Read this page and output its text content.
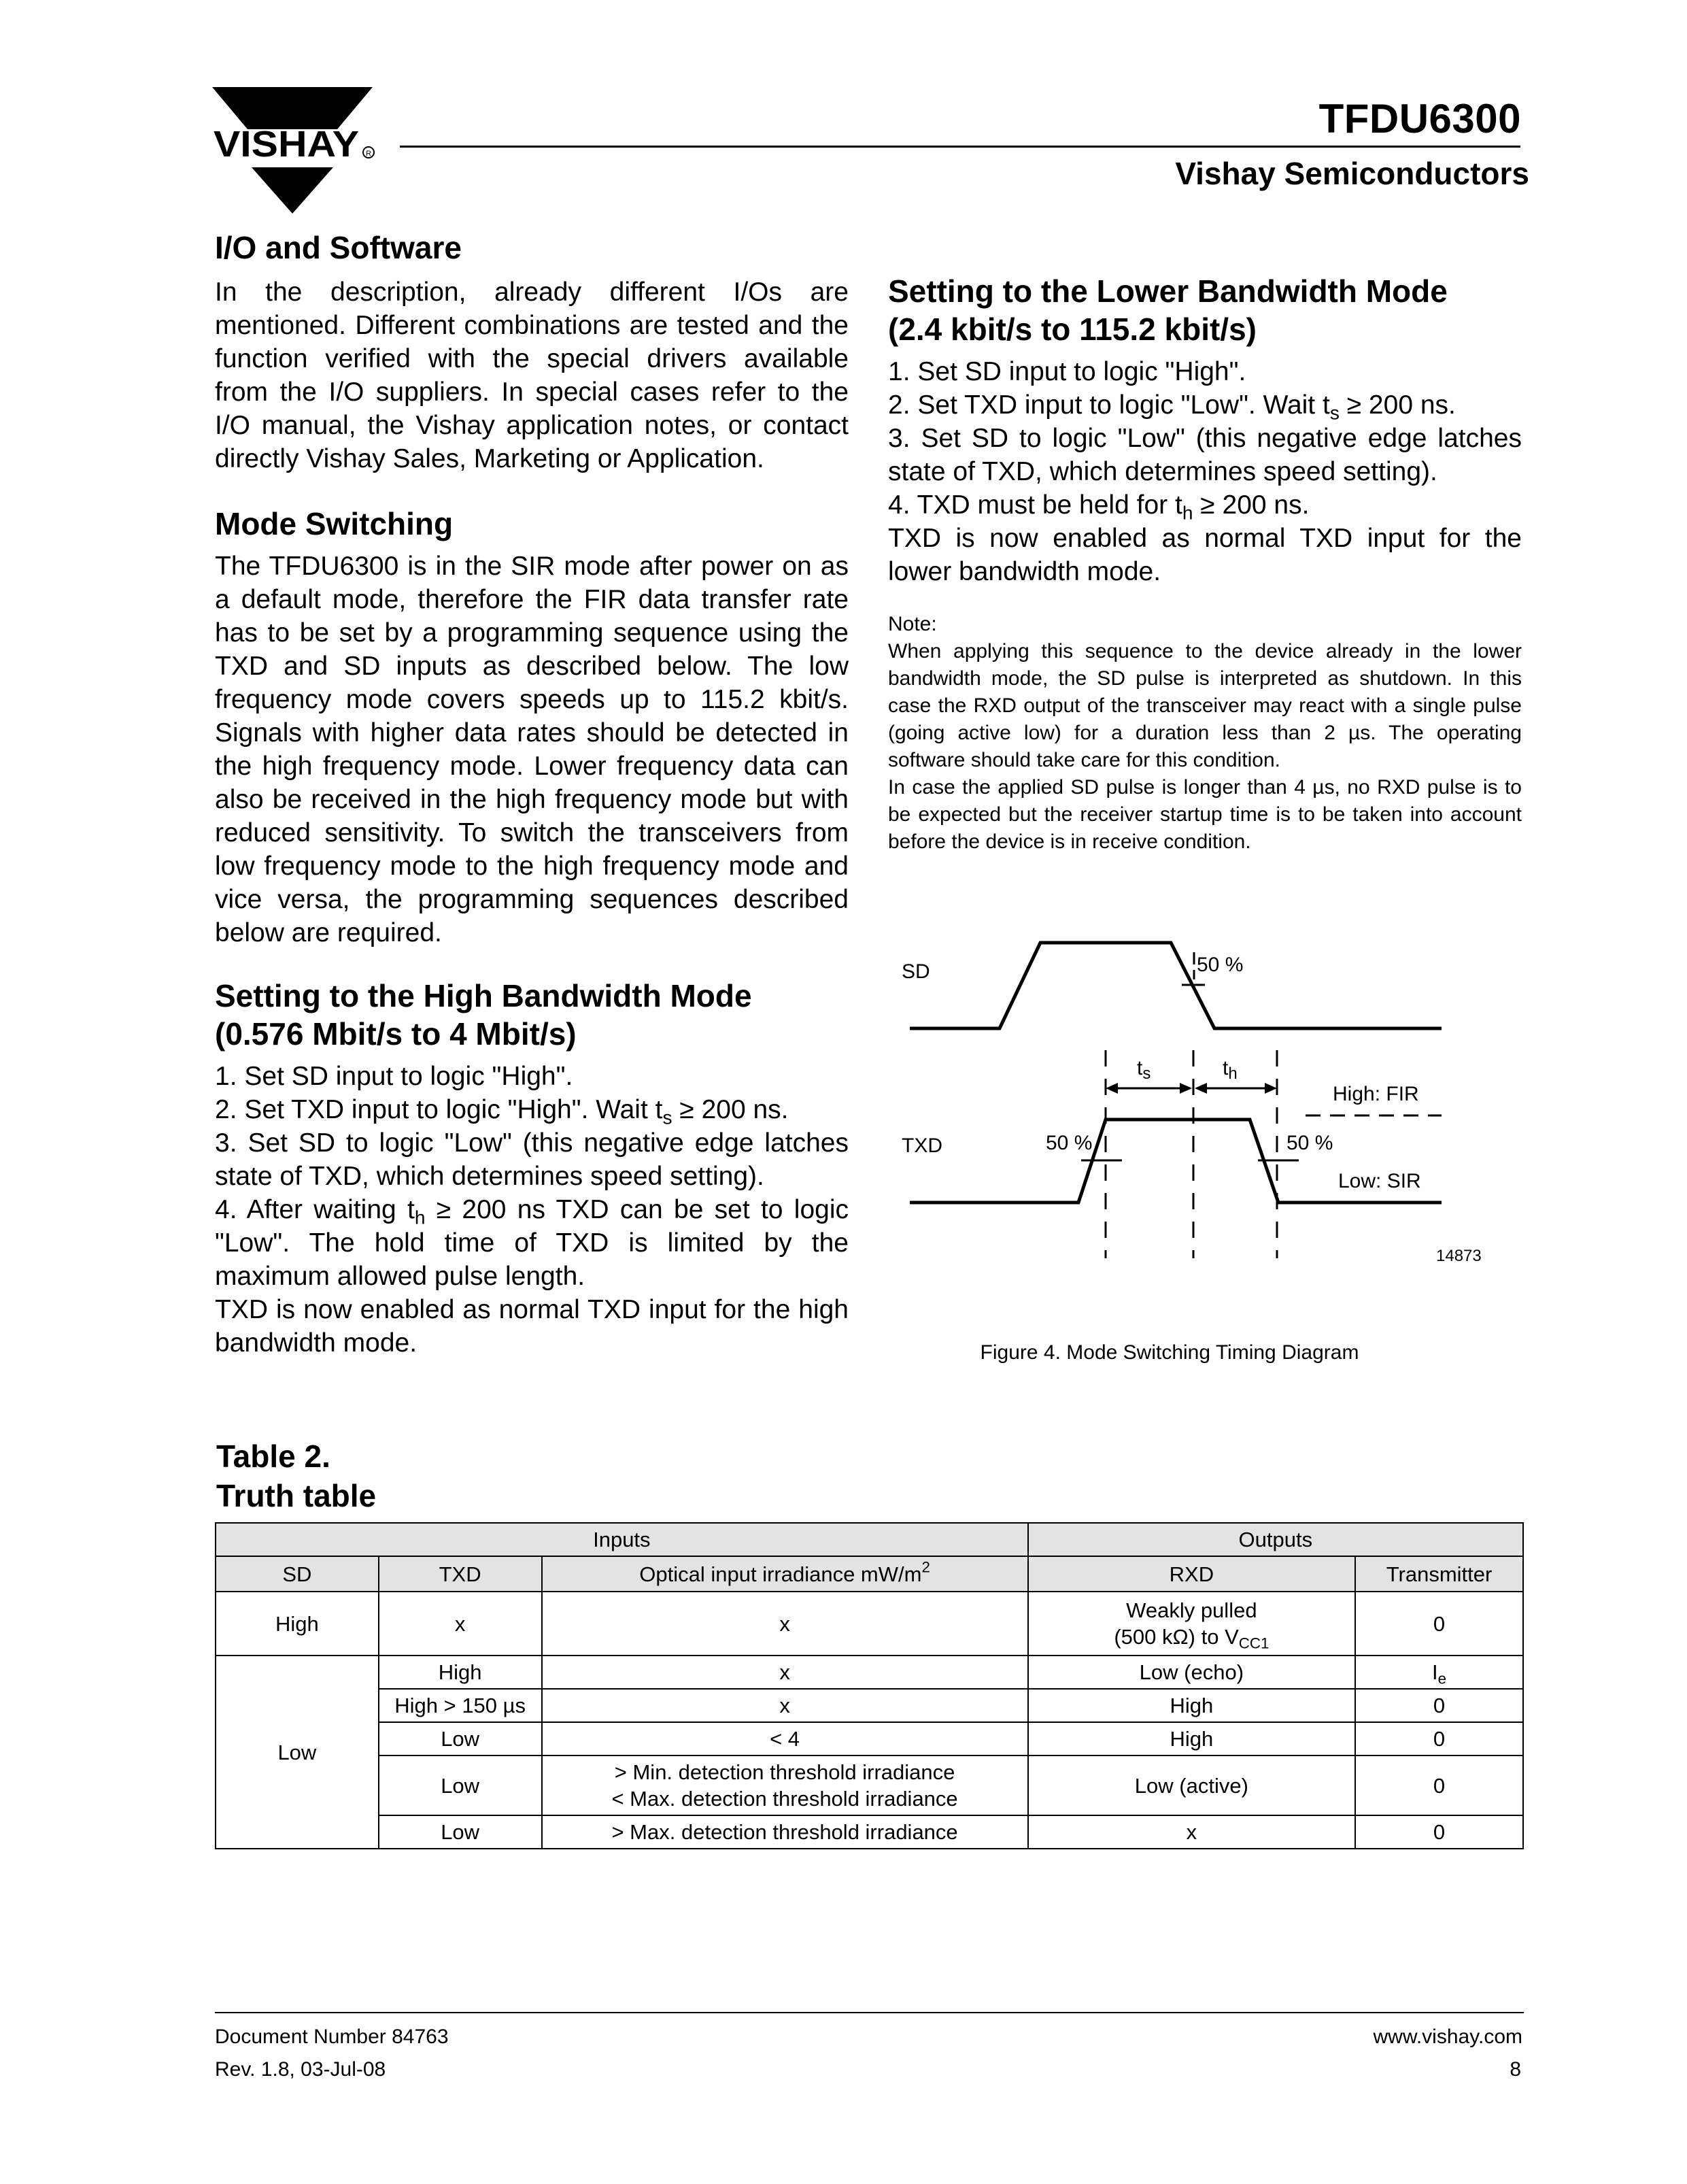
VISHAY R
TFDU6300
Vishay Semiconductors
I/O and Software

In the description, already different I/Os are mentioned. Different combinations are tested and the function verified with the special drivers available from the I/O suppliers. In special cases refer to the I/O manual, the Vishay application notes, or contact directly Vishay Sales, Marketing or Application.

Mode Switching

The TFDU6300 is in the SIR mode after power on as a default mode, therefore the FIR data transfer rate has to be set by a programming sequence using the TXD and SD inputs as described below. The low frequency mode covers speeds up to 115.2 kbit/s. Signals with higher data rates should be detected in the high frequency mode. Lower frequency data can also be received in the high frequency mode but with reduced sensitivity. To switch the transceivers from low frequency mode to the high frequency mode and vice versa, the programming sequences described below are required.

Setting to the High Bandwidth Mode
(0.576 Mbit/s to 4 Mbit/s)

1. Set SD input to logic "High".

2. Set TXD input to logic "High". Wait $t_s \ge 200$ ns.

3. Set SD to logic "Low" (this negative edge latches state of TXD, which determines speed setting).

4. After waiting $t_h \ge 200$ ns TXD can be set to logic "Low". The hold time of TXD is limited by the maximum allowed pulse length.

TXD is now enabled as normal TXD input for the high bandwidth mode.

Setting to the Lower Bandwidth Mode
(2.4 kbit/s to 115.2 kbit/s)

1. Set SD input to logic "High".

2. Set TXD input to logic "Low". Wait $t_s \ge 200$ ns.

3. Set SD to logic "Low" (this negative edge latches state of TXD, which determines speed setting).

4. TXD must be held for $t_h \ge 200$ ns.

TXD is now enabled as normal TXD input for the lower bandwidth mode.

Note:

When applying this sequence to the device already in the lower bandwidth mode, the SD pulse is interpreted as shutdown. In this case the RXD output of the transceiver may react with a single pulse (going active low) for a duration less than 2 µs. The operating software should take care for this condition.

In case the applied SD pulse is longer than 4 µs, no RXD pulse is to be expected but the receiver startup time is to be taken into account before the device is in receive condition.

SD	50 %
$t_s$	$t_h$
High: FIR
TXD	50 %	50 %
Low: SIR
14873
Figure 4. Mode Switching Timing Diagram
Table 2.
Truth table
Inputs			Outputs	
SD	TXD	Optical input irradiance $mW/m^2$	RXD	Transmitter
High	x	x	Weakly pulled
(500 kΩ) to $V_{CC1}$	0
Low	High	x	Low (echo)	$I_e$
	High > 150 µs	x	High	0
	Low	< 4	High	0
	Low	> Min. detection threshold irradiance
< Max. detection threshold irradiance	Low (active)	0
	Low	> Max. detection threshold irradiance	x	0
Document Number 84763
Rev. 1.8, 03-Jul-08
www.vishay.com
8
